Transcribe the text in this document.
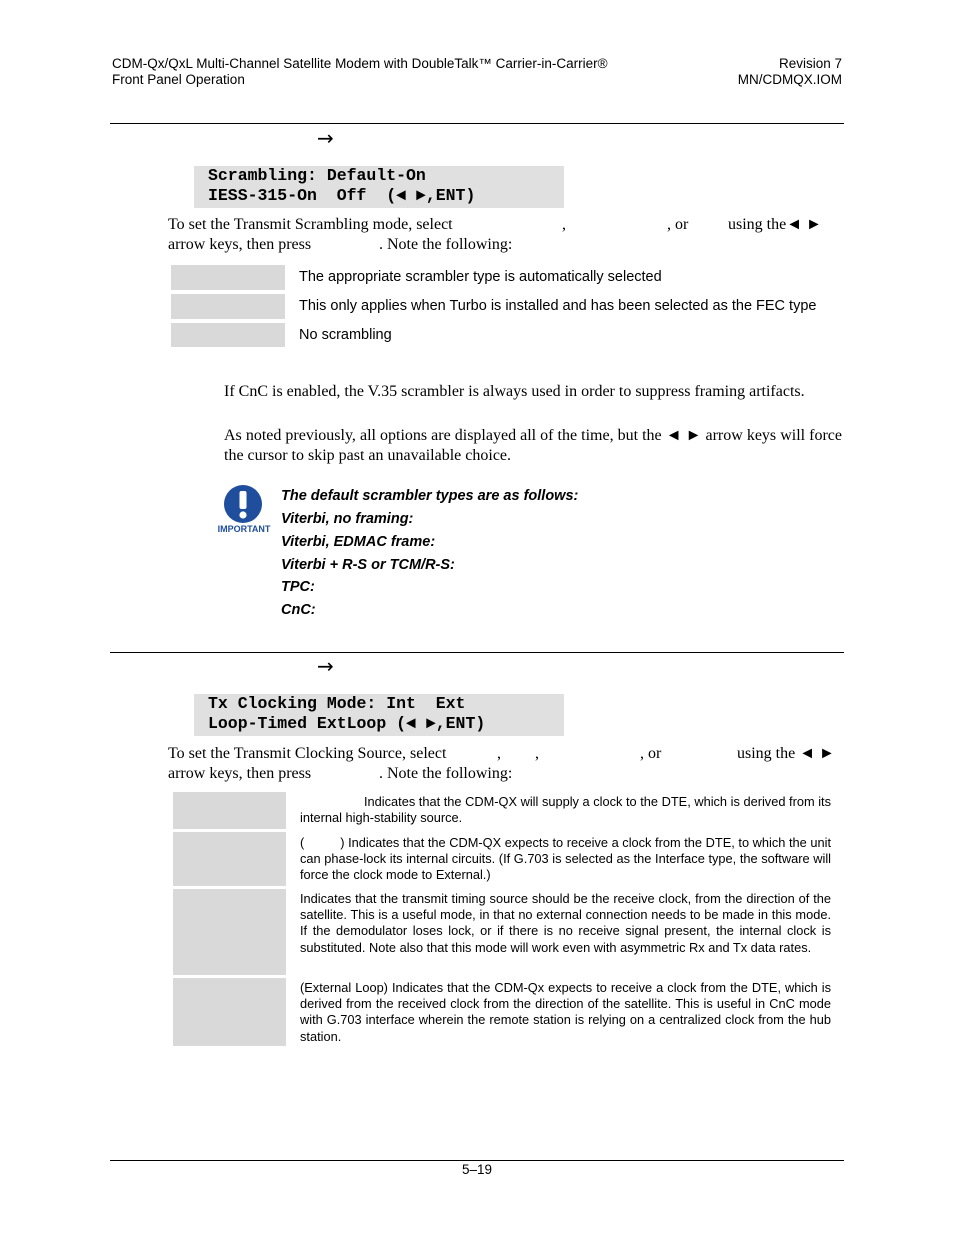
CDM-Qx/QxL Multi-Channel Satellite Modem with DoubleTalk™ Carrier-in-Carrier®
Front Panel Operation
Revision 7
MN/CDMQX.IOM
→
Scrambling: Default-On
IESS-315-On  Off  (◄ ►,ENT)
To set the Transmit Scrambling mode, select	,	, or using the◄ ►
arrow keys, then press	. Note the following:
The appropriate scrambler type is automatically selected
This only applies when Turbo is installed and has been selected as the FEC type
No scrambling
If CnC is enabled, the V.35 scrambler is always used in order to suppress framing artifacts.
As noted previously, all options are displayed all of the time, but the ◄ ► arrow keys will force the cursor to skip past an unavailable choice.
IMPORTANT
The default scrambler types are as follows:
Viterbi, no framing:
Viterbi, EDMAC frame:
Viterbi + R-S or TCM/R-S:
TPC:
CnC:
→
Tx Clocking Mode: Int  Ext
Loop-Timed ExtLoop (◄ ►,ENT)
To set the Transmit Clocking Source, select	, ,	, or	using the ◄ ►
arrow keys, then press	. Note the following:
Indicates that the CDM-QX will supply a clock to the DTE, which is derived from its internal high-stability source.
(          ) Indicates that the CDM-QX expects to receive a clock from the DTE, to which the unit can phase-lock its internal circuits. (If G.703 is selected as the Interface type, the software will force the clock mode to External.)
Indicates that the transmit timing source should be the receive clock, from the direction of the satellite. This is a useful mode, in that no external connection needs to be made in this mode. If the demodulator loses lock, or if there is no receive signal present, the internal clock is substituted. Note also that this mode will work even with asymmetric Rx and Tx data rates.
(External Loop) Indicates that the CDM-Qx expects to receive a clock from the DTE, which is derived from the received clock from the direction of the satellite. This is useful in CnC mode with G.703 interface wherein the remote station is relying on a centralized clock from the hub station.
5–19
